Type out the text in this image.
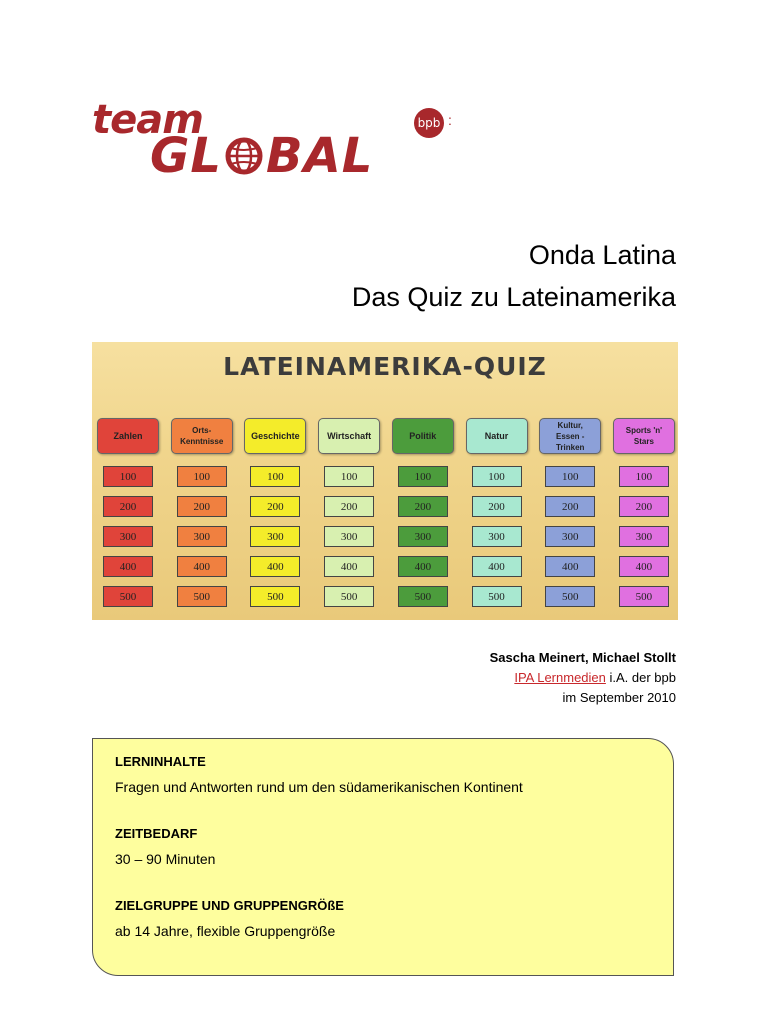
team
GL BAL
bpb :
Onda Latina
Das Quiz zu Lateinamerika
LATEINAMERIKA-QUIZ
Zahlen
100
200
300
400
500
Orts-
Kenntnisse
100
200
300
400
500
Geschichte
100
200
300
400
500
Wirtschaft
100
200
300
400
500
Politik
100
200
300
400
500
Natur
100
200
300
400
500
Kultur,
Essen - Trinken
100
200
300
400
500
Sports 'n'
Stars
100
200
300
400
500
Sascha Meinert, Michael Stollt
IPA Lernmedien i.A. der bpb
im September 2010
LERNINHALTE
Fragen und Antworten rund um den südamerikanischen Kontinent
ZEITBEDARF
30 – 90 Minuten
ZIELGRUPPE UND GRUPPENGRÖßE
ab 14 Jahre, flexible Gruppengröße
